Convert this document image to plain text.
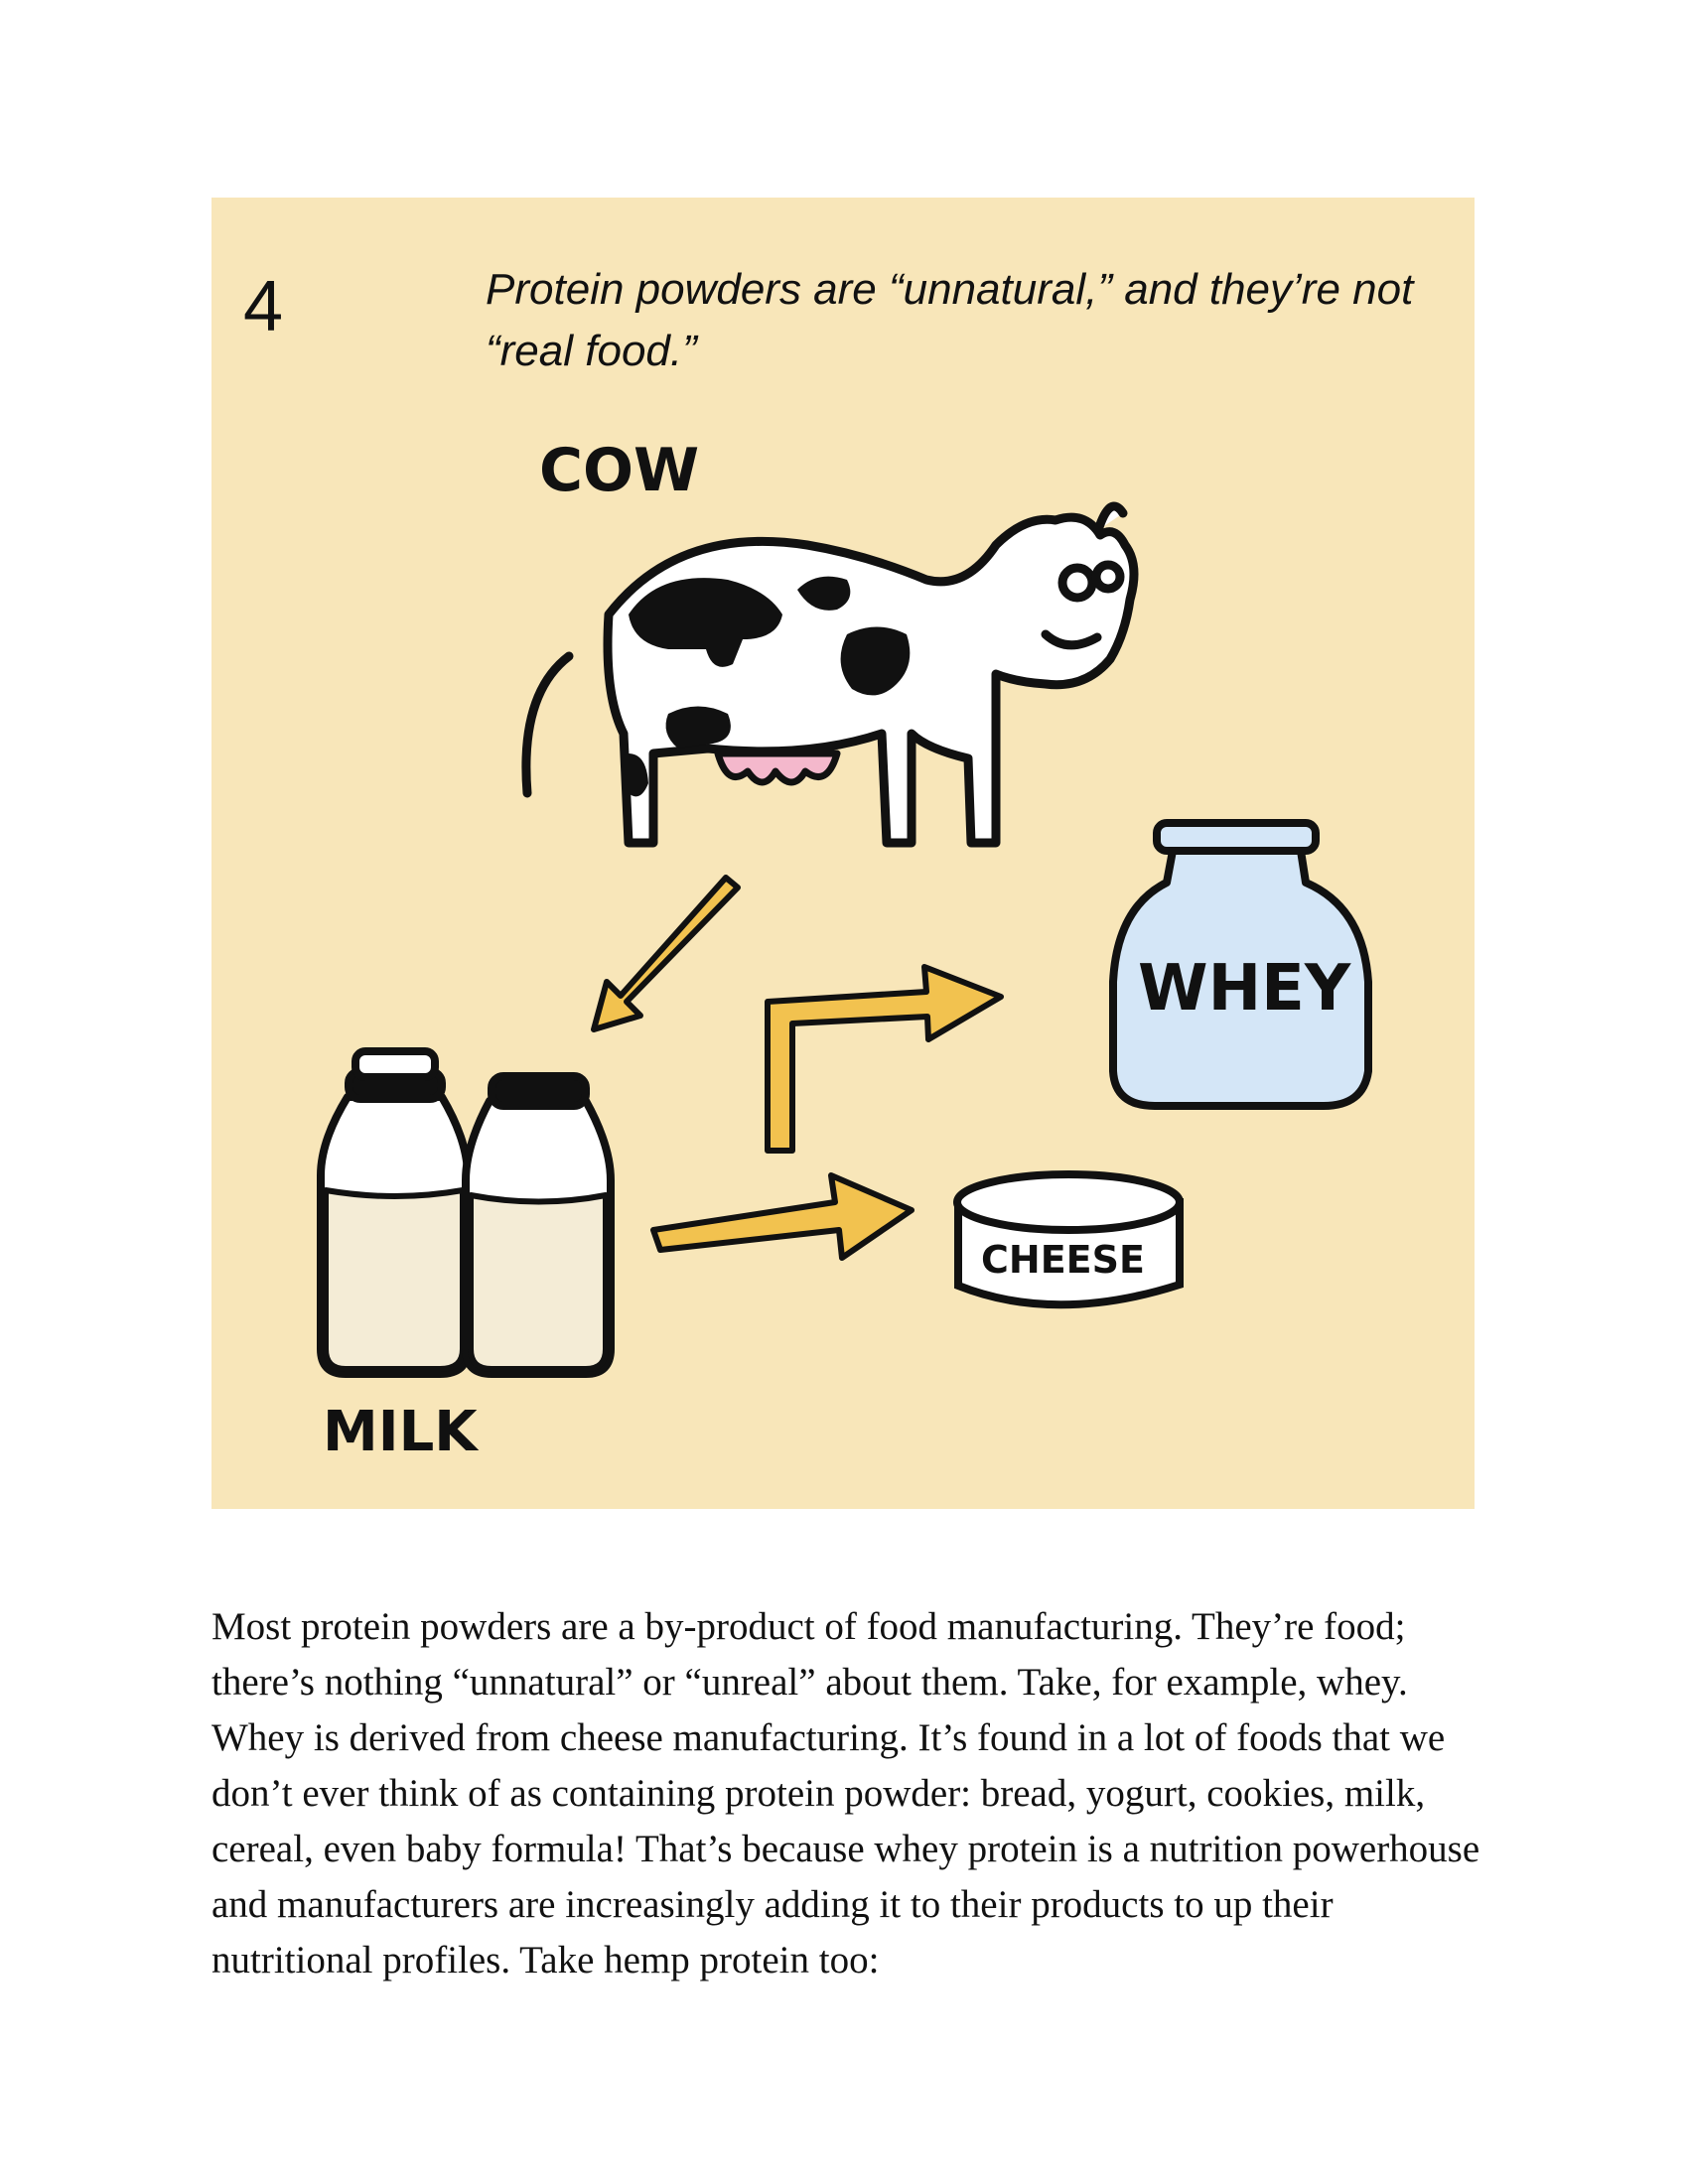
4	Protein powders are “unnatural,” and they’re not “real food.”
COW
WHEY
CHEESE
MILK

Most protein powders are a by-product of food manufacturing. They’re food; there’s nothing “unnatural” or “unreal” about them. Take, for example, whey. Whey is derived from cheese manufacturing. It’s found in a lot of foods that we don’t ever think of as containing protein powder: bread, yogurt, cookies, milk, cereal, even baby formula! That’s because whey protein is a nutrition powerhouse and manufacturers are increasingly adding it to their products to up their nutritional profiles. Take hemp protein too:
